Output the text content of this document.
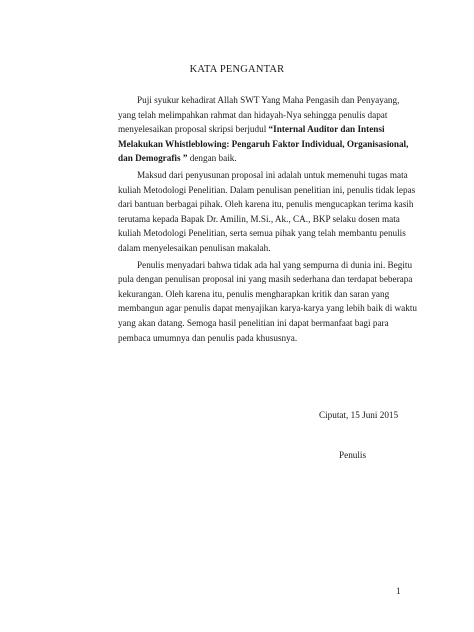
KATA PENGANTAR

Puji syukur kehadirat Allah SWT Yang Maha Pengasih dan Penyayang,
yang telah melimpahkan rahmat dan hidayah-Nya sehingga penulis dapat
menyelesaikan proposal skripsi berjudul “Internal Auditor dan Intensi
Melakukan Whistleblowing: Pengaruh Faktor Individual, Organisasional,
dan Demografis ” dengan baik.

Maksud dari penyusunan proposal ini adalah untuk memenuhi tugas mata
kuliah Metodologi Penelitian. Dalam penulisan penelitian ini, penulis tidak lepas
dari bantuan berbagai pihak. Oleh karena itu, penulis mengucapkan terima kasih
terutama kepada Bapak Dr. Amilin, M.Si., Ak., CA., BKP selaku dosen mata
kuliah Metodologi Penelitian, serta semua pihak yang telah membantu penulis
dalam menyelesaikan penulisan makalah.

Penulis menyadari bahwa tidak ada hal yang sempurna di dunia ini. Begitu
pula dengan penulisan proposal ini yang masih sederhana dan terdapat beberapa
kekurangan. Oleh karena itu, penulis mengharapkan kritik dan saran yang
membangun agar penulis dapat menyajikan karya-karya yang lebih baik di waktu
yang akan datang. Semoga hasil penelitian ini dapat bermanfaat bagi para
pembaca umumnya dan penulis pada khususnya.

Ciputat, 15 Juni 2015
Penulis
1
